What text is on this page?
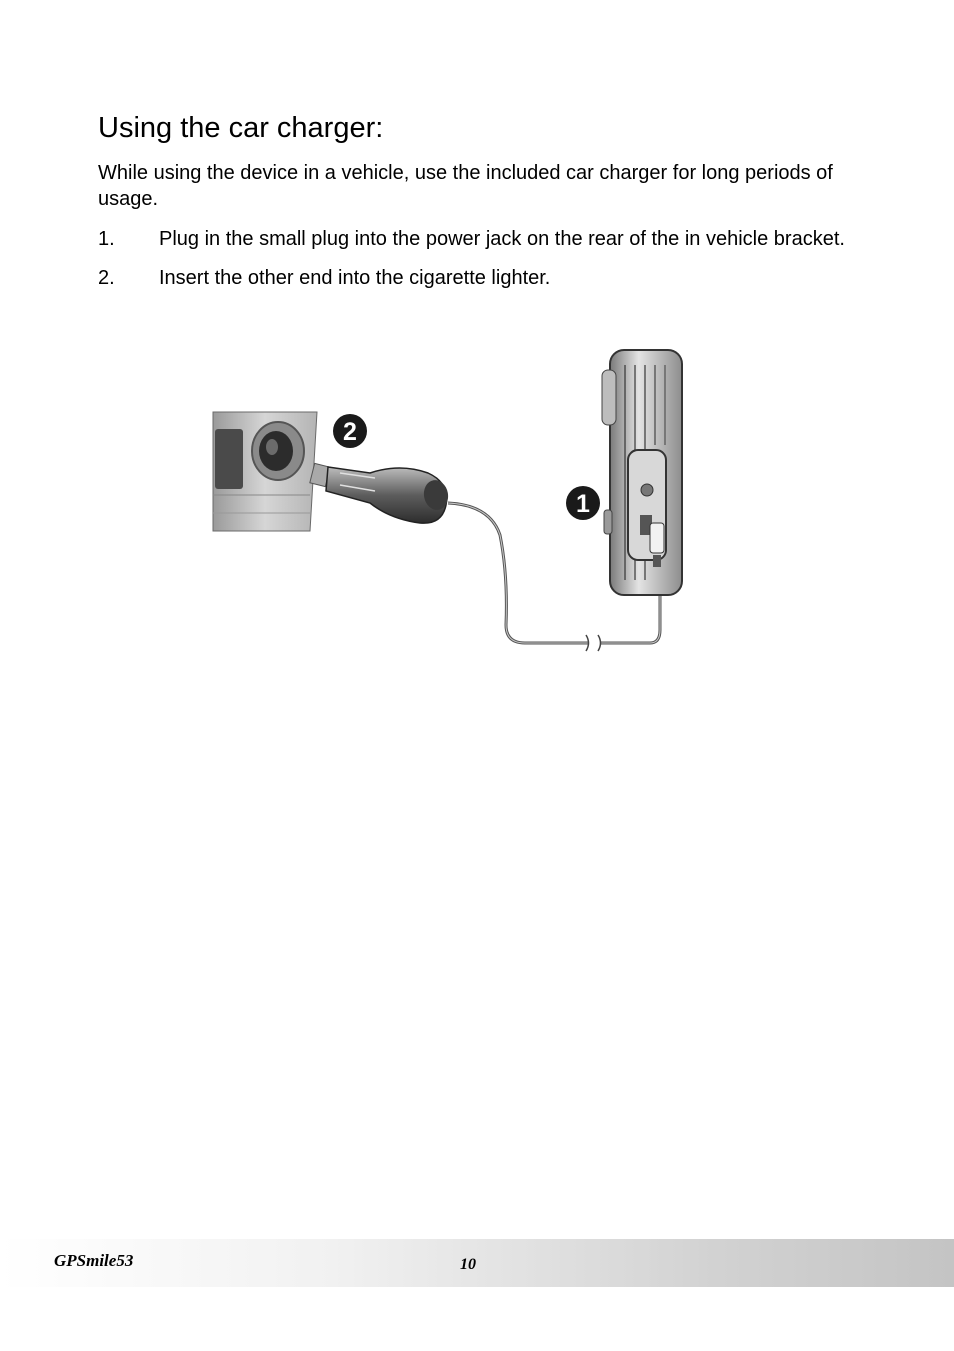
Using the car charger:

While using the device in a vehicle, use the included car charger for long periods of usage.

1. Plug in the small plug into the power jack on the rear of the in vehicle bracket.
2. Insert the other end into the cigarette lighter.
2
1
GPSmile53	10
